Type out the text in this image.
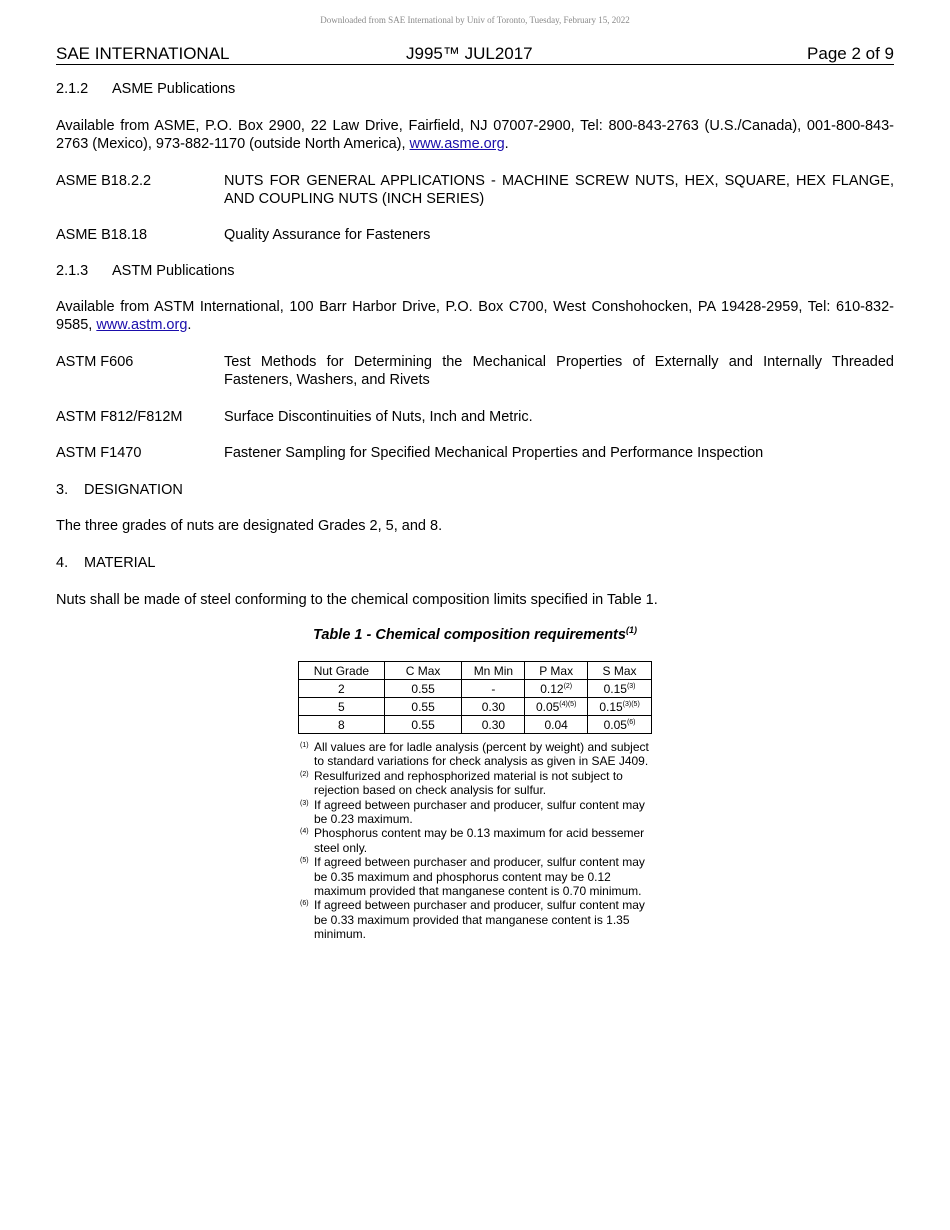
Downloaded from SAE International by Univ of Toronto, Tuesday, February 15, 2022
SAE INTERNATIONAL	J995™ JUL2017	Page 2 of 9
2.1.2 ASME Publications
Available from ASME, P.O. Box 2900, 22 Law Drive, Fairfield, NJ 07007-2900, Tel: 800-843-2763 (U.S./Canada), 001-800-843-2763 (Mexico), 973-882-1170 (outside North America), www.asme.org.
ASME B18.2.2	NUTS FOR GENERAL APPLICATIONS - MACHINE SCREW NUTS, HEX, SQUARE, HEX FLANGE, AND COUPLING NUTS (INCH SERIES)
ASME B18.18	Quality Assurance for Fasteners
2.1.3 ASTM Publications
Available from ASTM International, 100 Barr Harbor Drive, P.O. Box C700, West Conshohocken, PA 19428-2959, Tel: 610-832-9585, www.astm.org.
ASTM F606	Test Methods for Determining the Mechanical Properties of Externally and Internally Threaded Fasteners, Washers, and Rivets
ASTM F812/F812M	Surface Discontinuities of Nuts, Inch and Metric.
ASTM F1470	Fastener Sampling for Specified Mechanical Properties and Performance Inspection
3. DESIGNATION
The three grades of nuts are designated Grades 2, 5, and 8.
4. MATERIAL
Nuts shall be made of steel conforming to the chemical composition limits specified in Table 1.
Table 1 - Chemical composition requirements$^{(1)}$
Nut Grade	C Max	Mn Min	P Max	S Max
2	0.55	-	0.12$^{(2)}$	0.15$^{(3)}$
5	0.55	0.30	$0.05^{(4)(5)}$	$0.15^{(3)(5)}$
8	0.55	0.30	0.04	0.05$^{(6)}$
(1) All values are for ladle analysis (percent by weight) and subject to standard variations for check analysis as given in SAE J409.
(2) Resulfurized and rephosphorized material is not subject to rejection based on check analysis for sulfur.
(3) If agreed between purchaser and producer, sulfur content may be 0.23 maximum.
(4) Phosphorus content may be 0.13 maximum for acid bessemer steel only.
(5) If agreed between purchaser and producer, sulfur content may be 0.35 maximum and phosphorus content may be 0.12 maximum provided that manganese content is 0.70 minimum.
(6) If agreed between purchaser and producer, sulfur content may be 0.33 maximum provided that manganese content is 1.35 minimum.
